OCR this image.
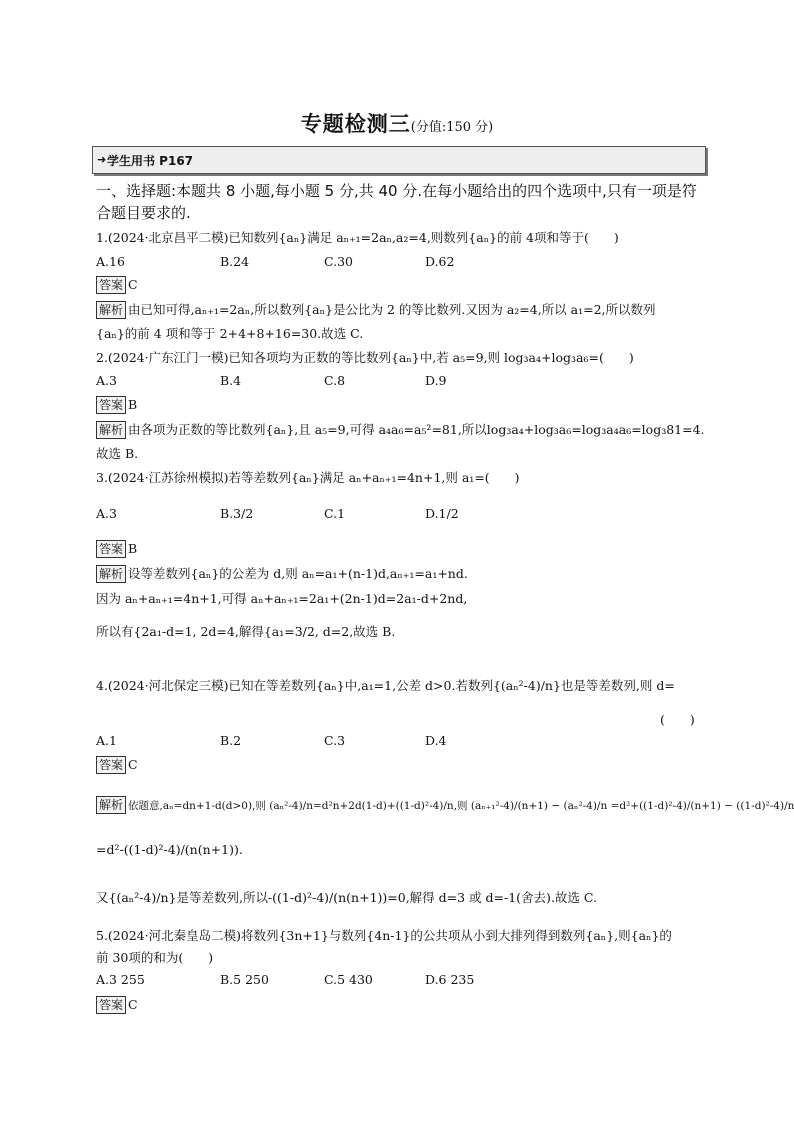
专题检测三(分值:150 分)
➜ 学生用书 P167
一、选择题:本题共 8 小题,每小题 5 分,共 40 分.在每小题给出的四个选项中,只有一项是符合题目要求的.
1.(2024·北京昌平二模)已知数列{aₙ}满足 aₙ₊₁=2aₙ,a₂=4,则数列{aₙ}的前 4项和等于(　　)
A.16	B.24	C.30	D.62
答案 C
解析 由已知可得,aₙ₊₁=2aₙ,所以数列{aₙ}是公比为 2 的等比数列.又因为 a₂=4,所以 a₁=2,所以数列
{aₙ}的前 4 项和等于 2+4+8+16=30.故选 C.
2.(2024·广东江门一模)已知各项均为正数的等比数列{aₙ}中,若 a₅=9,则 log₃a₄+log₃a₆=(　　)
A.3	B.4	C.8	D.9
答案 B
解析 由各项为正数的等比数列{aₙ},且 a₅=9,可得 a₄a₆=a₅²=81,所以log₃a₄+log₃a₆=log₃a₄a₆=log₃81=4.
故选 B.
3.(2024·江苏徐州模拟)若等差数列{aₙ}满足 aₙ+aₙ₊₁=4n+1,则 a₁=(　　)
A.3	B.3/2	C.1	D.1/2
答案 B
解析 设等差数列{aₙ}的公差为 d,则 aₙ=a₁+(n-1)d,aₙ₊₁=a₁+nd.
因为 aₙ+aₙ₊₁=4n+1,可得 aₙ+aₙ₊₁=2a₁+(2n-1)d=2a₁-d+2nd,
所以有{2a₁-d=1, 2d=4,解得{a₁=3/2, d=2,故选 B.
4.(2024·河北保定三模)已知在等差数列{aₙ}中,a₁=1,公差 d>0.若数列{(aₙ²-4)/n}也是等差数列,则 d=
(　　)
A.1	B.2	C.3	D.4
答案 C
解析 依题意,aₙ=dn+1-d(d>0),则 (aₙ²-4)/n=d²n+2d(1-d)+((1-d)²-4)/n,则 (aₙ₊₁²-4)/(n+1) − (aₙ²-4)/n =d²+((1-d)²-4)/(n+1) − ((1-d)²-4)/n
=d²-((1-d)²-4)/(n(n+1)).
又{(aₙ²-4)/n}是等差数列,所以-((1-d)²-4)/(n(n+1))=0,解得 d=3 或 d=-1(舍去).故选 C.
5.(2024·河北秦皇岛二模)将数列{3n+1}与数列{4n-1}的公共项从小到大排列得到数列{aₙ},则{aₙ}的
前 30项的和为(　　)
A.3 255	B.5 250	C.5 430	D.6 235
答案 C
